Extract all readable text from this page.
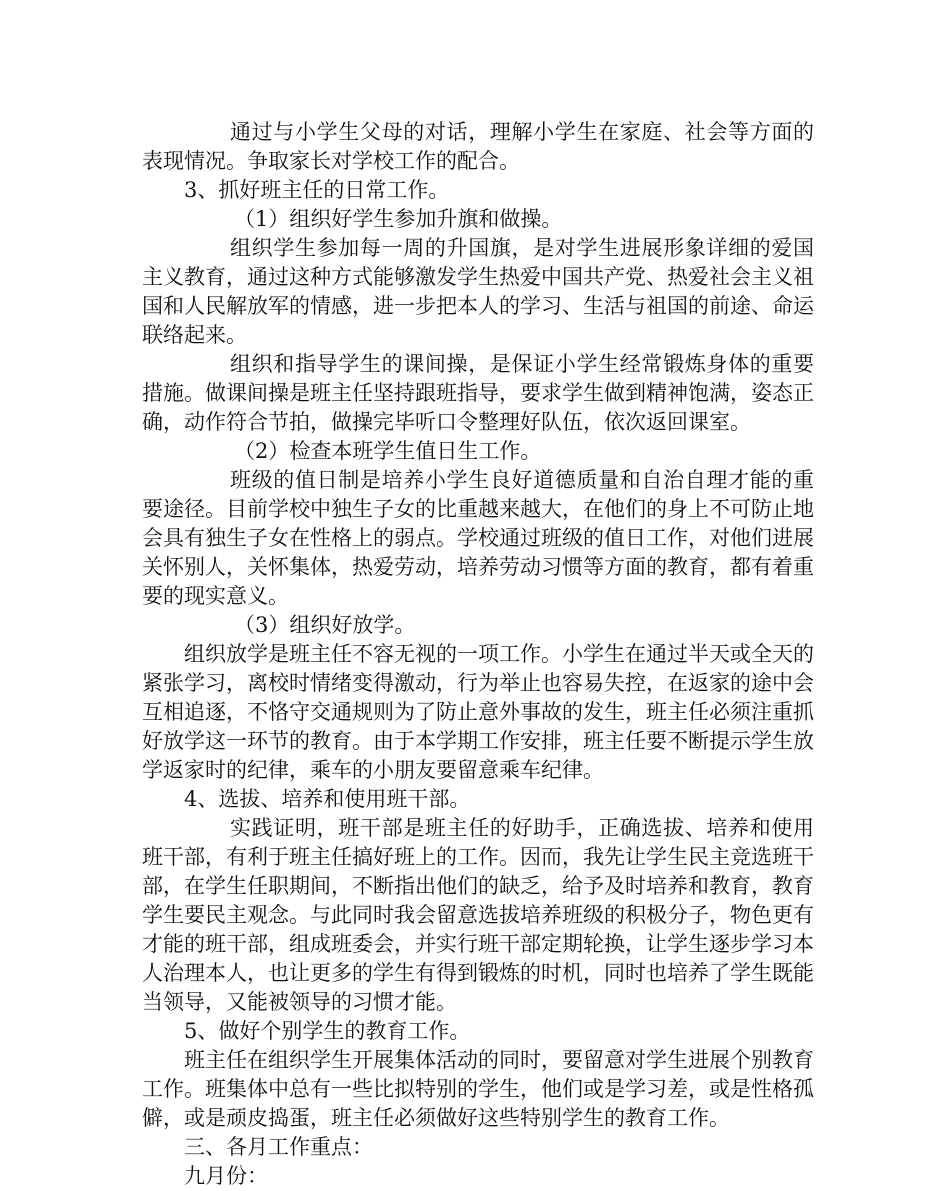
通过与小学生父母的对话，理解小学生在家庭、社会等方面的表现情况。争取家长对学校工作的配合。

3、抓好班主任的日常工作。

（1）组织好学生参加升旗和做操。

组织学生参加每一周的升国旗，是对学生进展形象详细的爱国主义教育，通过这种方式能够激发学生热爱中国共产党、热爱社会主义祖国和人民解放军的情感，进一步把本人的学习、生活与祖国的前途、命运联络起来。

组织和指导学生的课间操，是保证小学生经常锻炼身体的重要措施。做课间操是班主任坚持跟班指导，要求学生做到精神饱满，姿态正确，动作符合节拍，做操完毕听口令整理好队伍，依次返回课室。

（2）检查本班学生值日生工作。

班级的值日制是培养小学生良好道德质量和自治自理才能的重要途径。目前学校中独生子女的比重越来越大，在他们的身上不可防止地会具有独生子女在性格上的弱点。学校通过班级的值日工作，对他们进展关怀别人，关怀集体，热爱劳动，培养劳动习惯等方面的教育，都有着重要的现实意义。

（3）组织好放学。

组织放学是班主任不容无视的一项工作。小学生在通过半天或全天的紧张学习，离校时情绪变得激动，行为举止也容易失控，在返家的途中会互相追逐，不恪守交通规则为了防止意外事故的发生，班主任必须注重抓好放学这一环节的教育。由于本学期工作安排，班主任要不断提示学生放学返家时的纪律，乘车的小朋友要留意乘车纪律。

4、选拔、培养和使用班干部。

实践证明，班干部是班主任的好助手，正确选拔、培养和使用班干部，有利于班主任搞好班上的工作。因而，我先让学生民主竞选班干部，在学生任职期间，不断指出他们的缺乏，给予及时培养和教育，教育学生要民主观念。与此同时我会留意选拔培养班级的积极分子，物色更有才能的班干部，组成班委会，并实行班干部定期轮换，让学生逐步学习本人治理本人，也让更多的学生有得到锻炼的时机，同时也培养了学生既能当领导，又能被领导的习惯才能。

5、做好个别学生的教育工作。

班主任在组织学生开展集体活动的同时，要留意对学生进展个别教育工作。班集体中总有一些比拟特别的学生，他们或是学习差，或是性格孤僻，或是顽皮捣蛋，班主任必须做好这些特别学生的教育工作。

三、各月工作重点：

九月份：
